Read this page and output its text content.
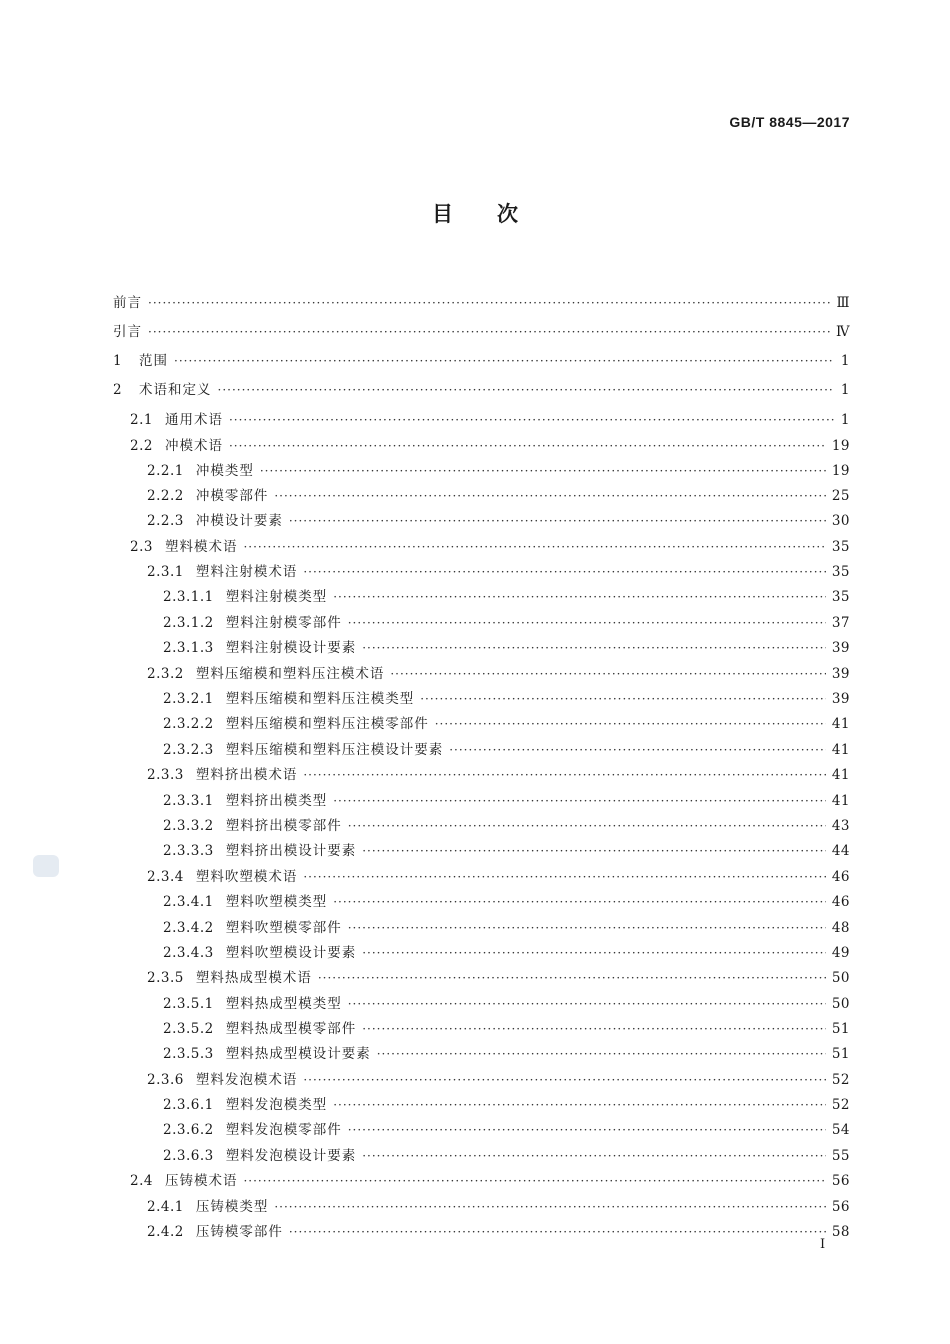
GB/T 8845—2017
目次
前言 ·····	Ⅲ
引言 ·····	Ⅳ
1	范围 ·····	1
2	术语和定义 ·····	1
2.1 通用术语 ·····	1
2.2 冲模术语 ·····	19
2.2.1 冲模类型 ·····	19
2.2.2 冲模零部件 ·····	25
2.2.3 冲模设计要素 ·····	30
2.3 塑料模术语 ·····	35
2.3.1 塑料注射模术语 ·····	35
2.3.1.1 塑料注射模类型 ·····	35
2.3.1.2 塑料注射模零部件 ·····	37
2.3.1.3 塑料注射模设计要素 ·····	39
2.3.2 塑料压缩模和塑料压注模术语 ·····	39
2.3.2.1 塑料压缩模和塑料压注模类型 ·····	39
2.3.2.2 塑料压缩模和塑料压注模零部件 ·····	41
2.3.2.3 塑料压缩模和塑料压注模设计要素 ·····	41
2.3.3 塑料挤出模术语 ·····	41
2.3.3.1 塑料挤出模类型 ·····	41
2.3.3.2 塑料挤出模零部件 ·····	43
2.3.3.3 塑料挤出模设计要素 ·····	44
2.3.4 塑料吹塑模术语 ·····	46
2.3.4.1 塑料吹塑模类型 ·····	46
2.3.4.2 塑料吹塑模零部件 ·····	48
2.3.4.3 塑料吹塑模设计要素 ·····	49
2.3.5 塑料热成型模术语 ·····	50
2.3.5.1 塑料热成型模类型 ·····	50
2.3.5.2 塑料热成型模零部件 ·····	51
2.3.5.3 塑料热成型模设计要素 ·····	51
2.3.6 塑料发泡模术语 ·····	52
2.3.6.1 塑料发泡模类型 ·····	52
2.3.6.2 塑料发泡模零部件 ·····	54
2.3.6.3 塑料发泡模设计要素 ·····	55
2.4 压铸模术语 ·····	56
2.4.1 压铸模类型 ·····	56
2.4.2 压铸模零部件 ·····	58
I
